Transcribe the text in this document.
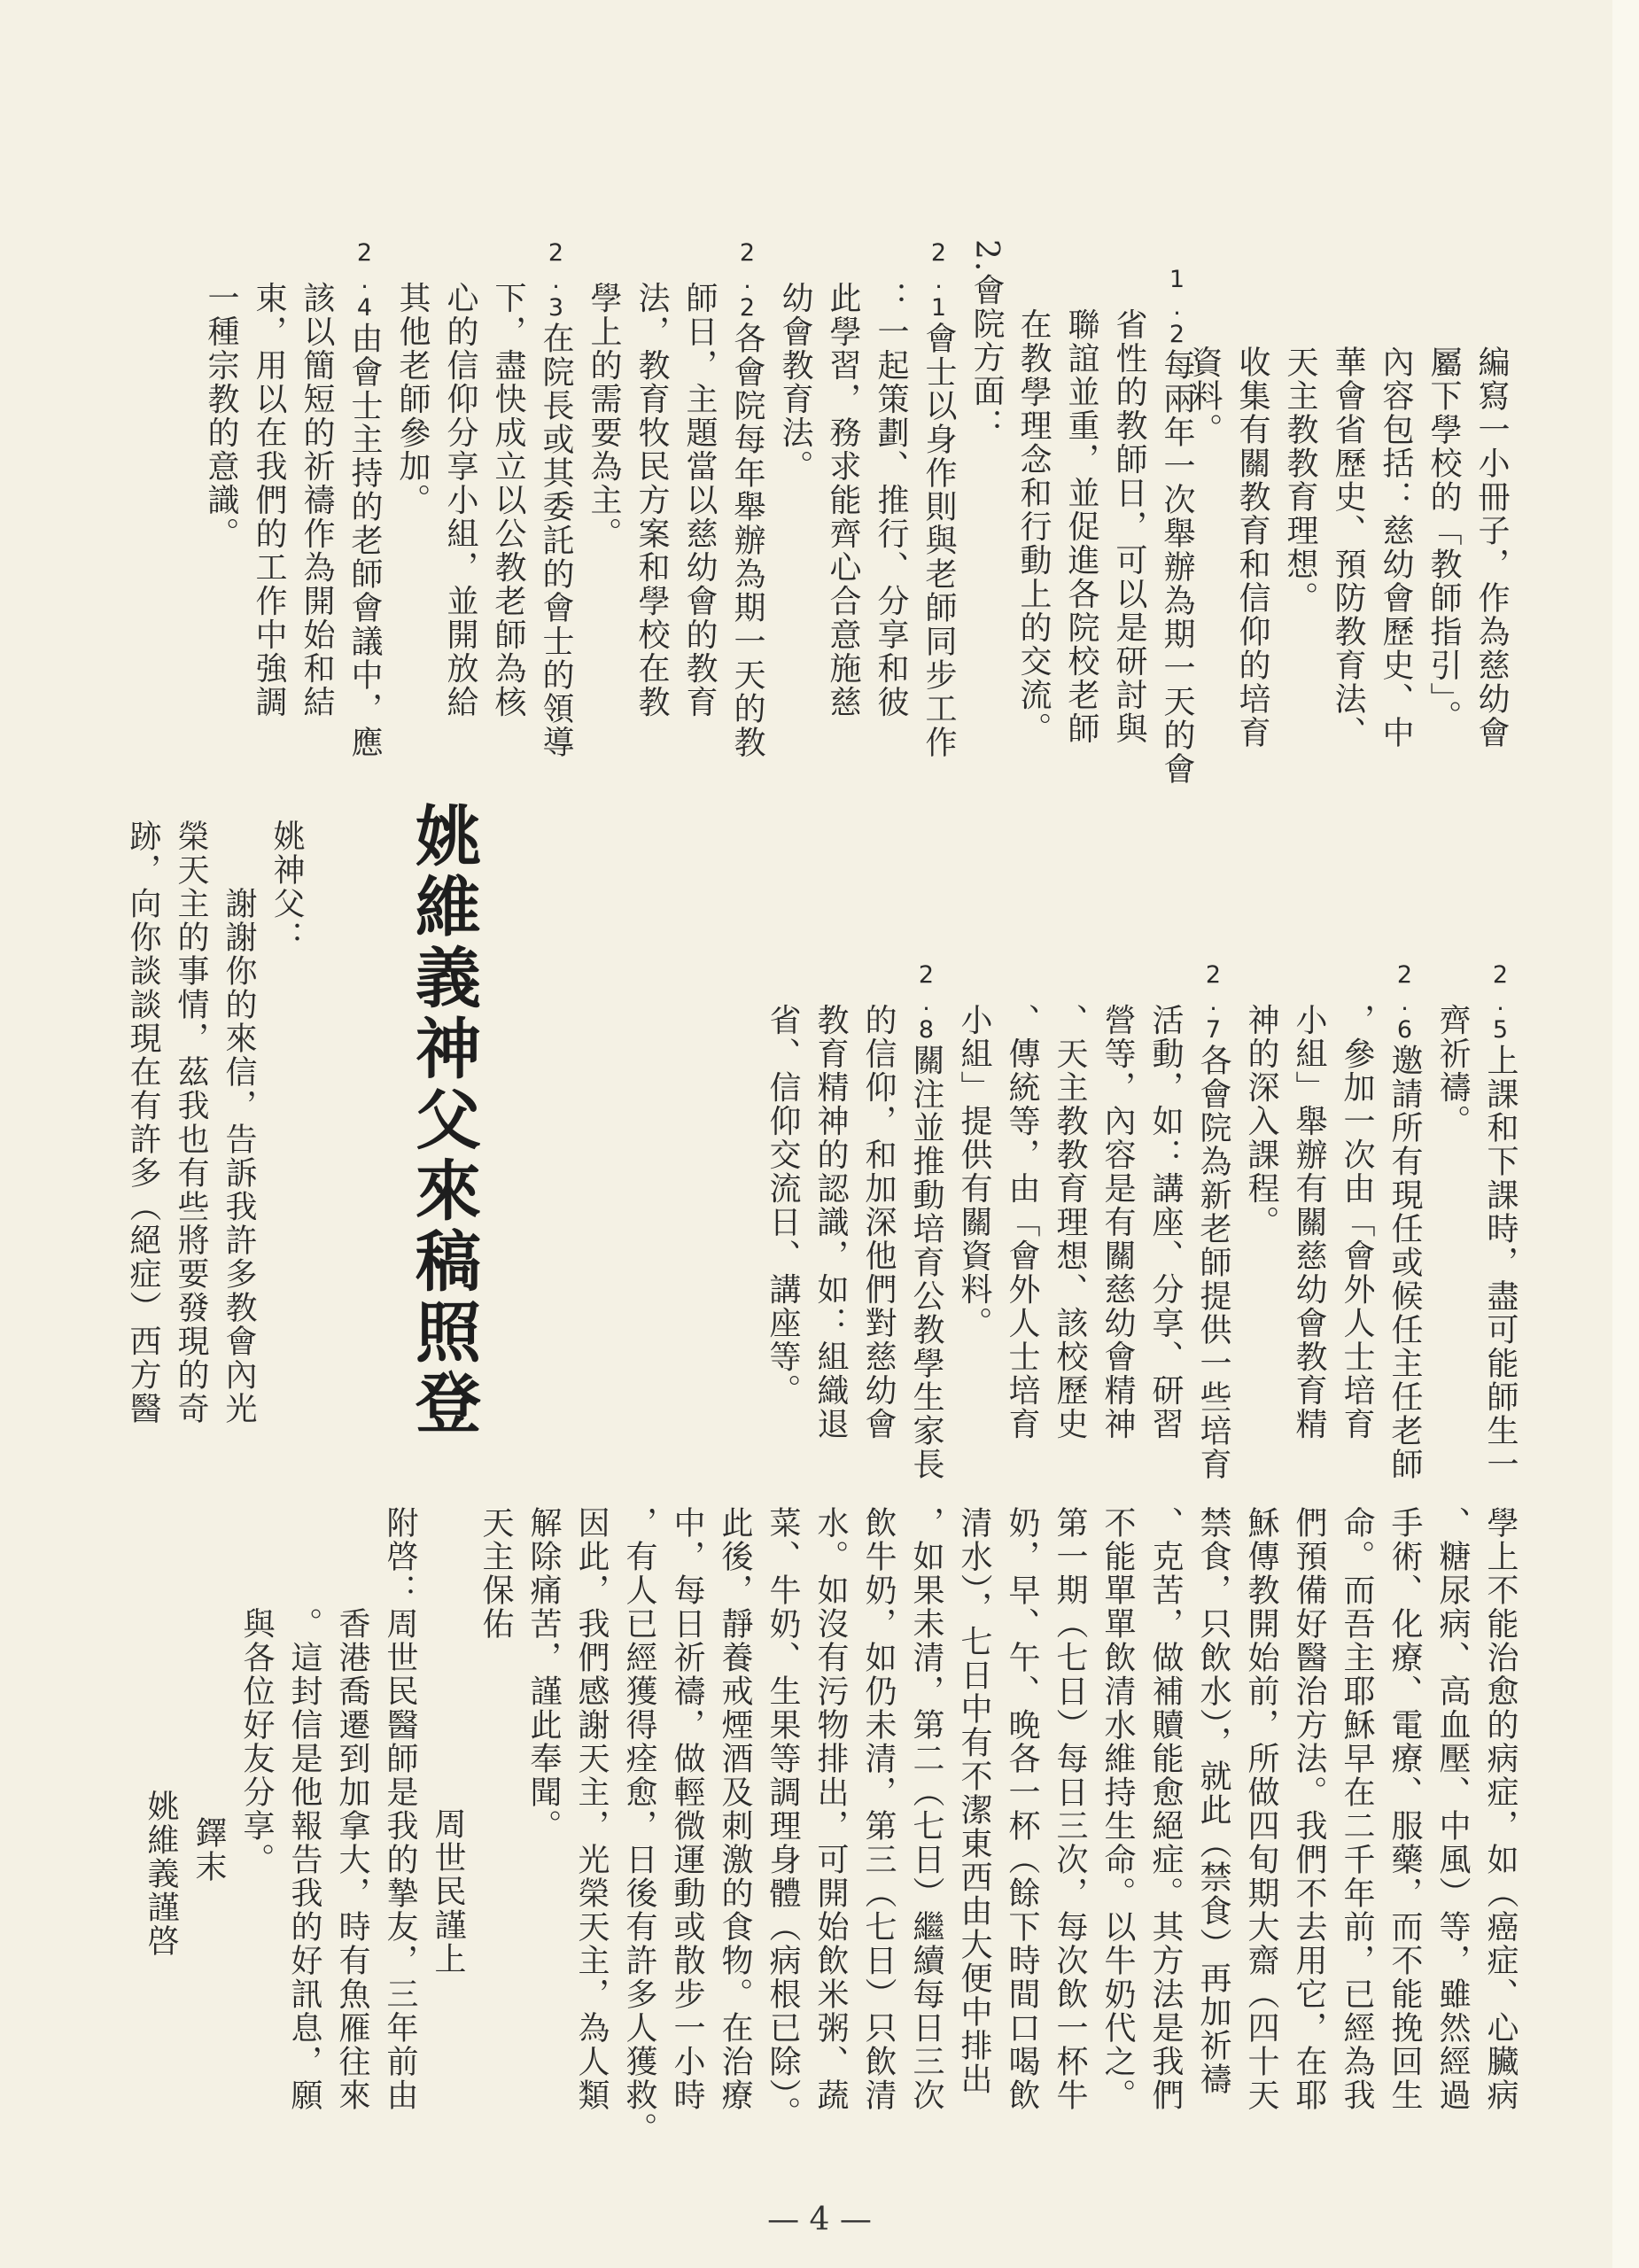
編寫一小冊子，作為慈幼會
屬下學校的「教師指引」。
內容包括：慈幼會歷史、中
華會省歷史、預防教育法、
天主教教育理想。
收集有關教育和信仰的培育
資料。
1.2每兩年一次舉辦為期一天的會
　 省性的教師日，可以是研討與
　 聯誼並重，並促進各院校老師
　 在教學理念和行動上的交流。
2.會院方面：
2.1會士以身作則與老師同步工作
　 ：一起策劃、推行、分享和彼
　 此學習，務求能齊心合意施慈
　 幼會教育法。
2.2各會院每年舉辦為期一天的教
　 師日，主題當以慈幼會的教育
　 法，教育牧民方案和學校在教
　 學上的需要為主。
2.3在院長或其委託的會士的領導
　 下，盡快成立以公教老師為核
　 心的信仰分享小組，並開放給
　 其他老師參加。
2.4由會士主持的老師會議中，應
　 該以簡短的祈禱作為開始和結
　 束，用以在我們的工作中強調
　 一種宗教的意識。
2.5上課和下課時，盡可能師生一
　 齊祈禱。
2.6邀請所有現任或候任主任老師
　 ，參加一次由「會外人士培育
　 小組」舉辦有關慈幼會教育精
　 神的深入課程。
2.7各會院為新老師提供一些培育
　 活動，如：講座、分享、研習
　 營等，內容是有關慈幼會精神
　 、天主教教育理想、該校歷史
　 、傳統等，由「會外人士培育
　 小組」提供有關資料。
2.8關注並推動培育公教學生家長
　 的信仰，和加深他們對慈幼會
　 教育精神的認識，如：組織退
　 省、信仰交流日、講座等。
姚維義神父來稿照登
姚神父：
　　謝謝你的來信，告訴我許多教會內光
榮天主的事情，茲我也有些將要發現的奇
跡，向你談談現在有許多（絕症）西方醫
學上不能治愈的病症，如（癌症、心臟病
、糖尿病、高血壓、中風）等，雖然經過
手術、化療、電療、服藥，而不能挽回生
命。而吾主耶穌早在二千年前，已經為我
們預備好醫治方法。我們不去用它，在耶
穌傳教開始前，所做四旬期大齋（四十天
禁食，只飲水），就此（禁食）再加祈禱
、克苦，做補贖能愈絕症。其方法是我們
不能單單飲清水維持生命。以牛奶代之。
第一期（七日）每日三次，每次飲一杯牛
奶，早、午、晚各一杯（餘下時間口喝飲
清水），七日中有不潔東西由大便中排出
，如果未清，第二（七日）繼續每日三次
飲牛奶，如仍未清，第三（七日）只飲清
水。如沒有污物排出，可開始飲米粥、蔬
菜、牛奶、生果等調理身體（病根已除）。
此後，靜養戒煙酒及刺激的食物。在治療
中，每日祈禱，做輕微運動或散步一小時
，有人已經獲得痊愈，日後有許多人獲救。
因此，我們感謝天主，光榮天主，為人類
解除痛苦，謹此奉聞。
天主保佑
周世民謹上
附啓：周世民醫師是我的摯友，三年前由
　　　香港喬遷到加拿大，時有魚雁往來
　　　。這封信是他報告我的好訊息，願
　　　與各位好友分享。
鐸末
姚維義謹啓
— 4 —
